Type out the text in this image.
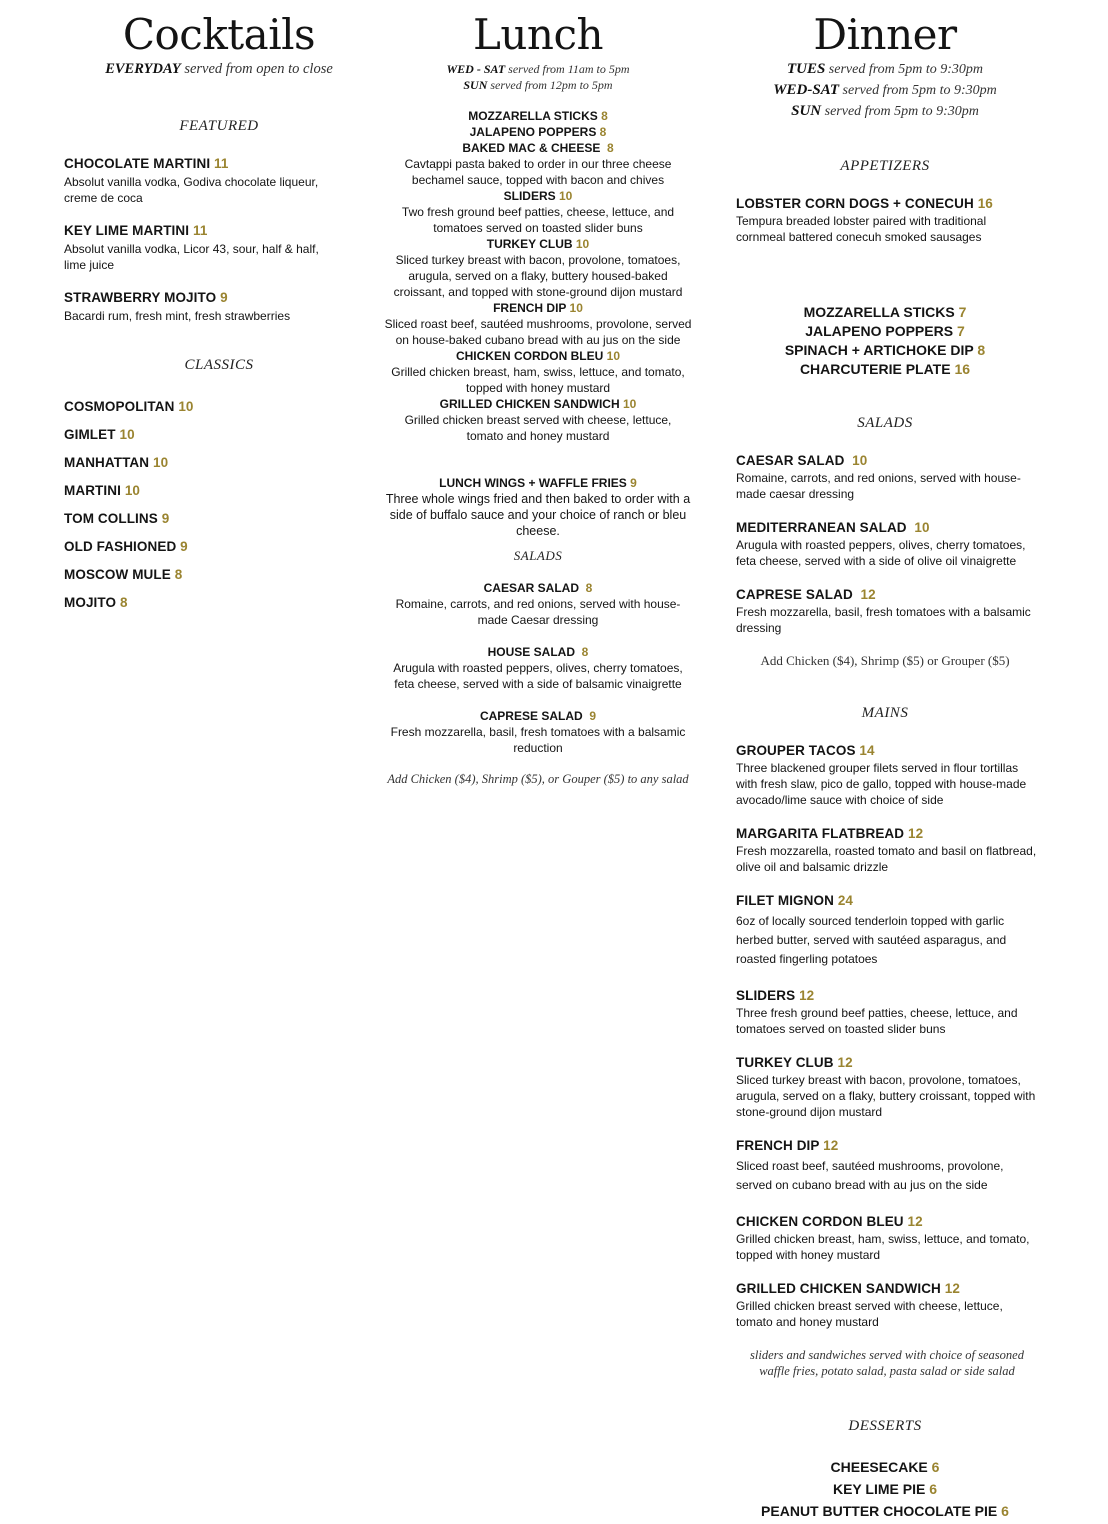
Cocktails
EVERYDAY served from open to close
FEATURED
CHOCOLATE MARTINI 11
Absolut vanilla vodka, Godiva chocolate liqueur, creme de coca
KEY LIME MARTINI 11
Absolut vanilla vodka, Licor 43, sour, half & half, lime juice
STRAWBERRY MOJITO 9
Bacardi rum, fresh mint, fresh strawberries
CLASSICS
COSMOPOLITAN 10
GIMLET 10
MANHATTAN 10
MARTINI 10
TOM COLLINS 9
OLD FASHIONED 9
MOSCOW MULE 8
MOJITO 8
Lunch
WED - SAT served from 11am to 5pm
SUN served from 12pm to 5pm
MOZZARELLA STICKS 8
JALAPENO POPPERS 8
BAKED MAC & CHEESE 8
Cavtappi pasta baked to order in our three cheese bechamel sauce, topped with bacon and chives
SLIDERS 10
Two fresh ground beef patties, cheese, lettuce, and tomatoes served on toasted slider buns
TURKEY CLUB 10
Sliced turkey breast with bacon, provolone, tomatoes, arugula, served on a flaky, buttery housed-baked croissant, and topped with stone-ground dijon mustard
FRENCH DIP 10
Sliced roast beef, sautéed mushrooms, provolone, served on house-baked cubano bread with au jus on the side
CHICKEN CORDON BLEU 10
Grilled chicken breast, ham, swiss, lettuce, and tomato, topped with honey mustard
GRILLED CHICKEN SANDWICH 10
Grilled chicken breast served with cheese, lettuce, tomato and honey mustard
LUNCH WINGS + WAFFLE FRIES 9
Three whole wings fried and then baked to order with a side of buffalo sauce and your choice of ranch or bleu cheese.
SALADS
CAESAR SALAD 8
Romaine, carrots, and red onions, served with house-made Caesar dressing
HOUSE SALAD 8
Arugula with roasted peppers, olives, cherry tomatoes, feta cheese, served with a side of balsamic vinaigrette
CAPRESE SALAD 9
Fresh mozzarella, basil, fresh tomatoes with a balsamic reduction
Add Chicken ($4), Shrimp ($5), or Gouper ($5) to any salad
Dinner
TUES served from 5pm to 9:30pm
WED-SAT served from 5pm to 9:30pm
SUN served from 5pm to 9:30pm
APPETIZERS
LOBSTER CORN DOGS + CONECUH 16
Tempura breaded lobster paired with traditional cornmeal battered conecuh smoked sausages
MOZZARELLA STICKS 7
JALAPENO POPPERS 7
SPINACH + ARTICHOKE DIP 8
CHARCUTERIE PLATE 16
SALADS
CAESAR SALAD 10
Romaine, carrots, and red onions, served with house-made caesar dressing
MEDITERRANEAN SALAD 10
Arugula with roasted peppers, olives, cherry tomatoes, feta cheese, served with a side of olive oil vinaigrette
CAPRESE SALAD 12
Fresh mozzarella, basil, fresh tomatoes with a balsamic dressing
Add Chicken ($4), Shrimp ($5) or Grouper ($5)
MAINS
GROUPER TACOS 14
Three blackened grouper filets served in flour tortillas with fresh slaw, pico de gallo, topped with house-made avocado/lime sauce with choice of side
MARGARITA FLATBREAD 12
Fresh mozzarella, roasted tomato and basil on flatbread, olive oil and balsamic drizzle
FILET MIGNON 24
6oz of locally sourced tenderloin topped with garlic herbed butter, served with sautéed asparagus, and roasted fingerling potatoes
SLIDERS 12
Three fresh ground beef patties, cheese, lettuce, and tomatoes served on toasted slider buns
TURKEY CLUB 12
Sliced turkey breast with bacon, provolone, tomatoes, arugula, served on a flaky, buttery croissant, topped with stone-ground dijon mustard
FRENCH DIP 12
Sliced roast beef, sautéed mushrooms, provolone, served on cubano bread with au jus on the side
CHICKEN CORDON BLEU 12
Grilled chicken breast, ham, swiss, lettuce, and tomato, topped with honey mustard
GRILLED CHICKEN SANDWICH 12
Grilled chicken breast served with cheese, lettuce, tomato and honey mustard
sliders and sandwiches served with choice of seasoned waffle fries, potato salad, pasta salad or side salad
DESSERTS
CHEESECAKE 6
KEY LIME PIE 6
PEANUT BUTTER CHOCOLATE PIE 6
